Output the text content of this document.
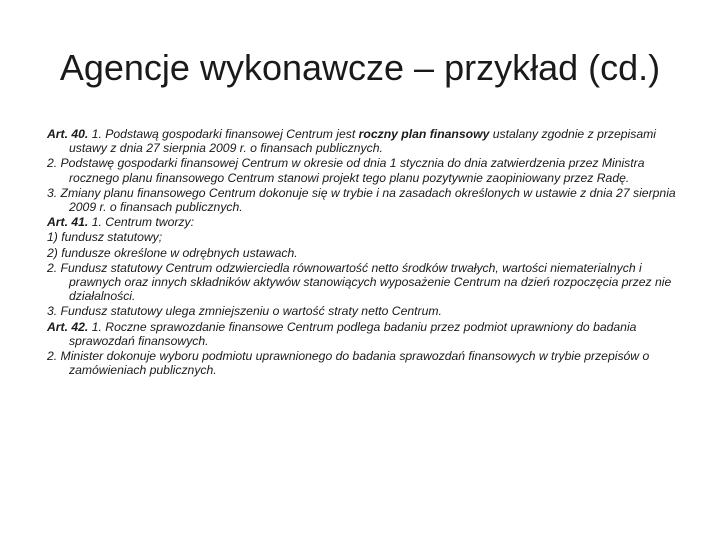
Agencje wykonawcze – przykład (cd.)

Art. 40. 1. Podstawą gospodarki finansowej Centrum jest roczny plan finansowy ustalany zgodnie z przepisami ustawy z dnia 27 sierpnia 2009 r. o finansach publicznych.

2. Podstawę gospodarki finansowej Centrum w okresie od dnia 1 stycznia do dnia zatwierdzenia przez Ministra rocznego planu finansowego Centrum stanowi projekt tego planu pozytywnie zaopiniowany przez Radę.

3. Zmiany planu finansowego Centrum dokonuje się w trybie i na zasadach określonych w ustawie z dnia 27 sierpnia 2009 r. o finansach publicznych.

Art. 41. 1. Centrum tworzy:

1) fundusz statutowy;

2) fundusze określone w odrębnych ustawach.

2. Fundusz statutowy Centrum odzwierciedla równowartość netto środków trwałych, wartości niematerialnych i prawnych oraz innych składników aktywów stanowiących wyposażenie Centrum na dzień rozpoczęcia przez nie działalności.

3. Fundusz statutowy ulega zmniejszeniu o wartość straty netto Centrum.

Art. 42. 1. Roczne sprawozdanie finansowe Centrum podlega badaniu przez podmiot uprawniony do badania sprawozdań finansowych.

2. Minister dokonuje wyboru podmiotu uprawnionego do badania sprawozdań finansowych w trybie przepisów o zamówieniach publicznych.
